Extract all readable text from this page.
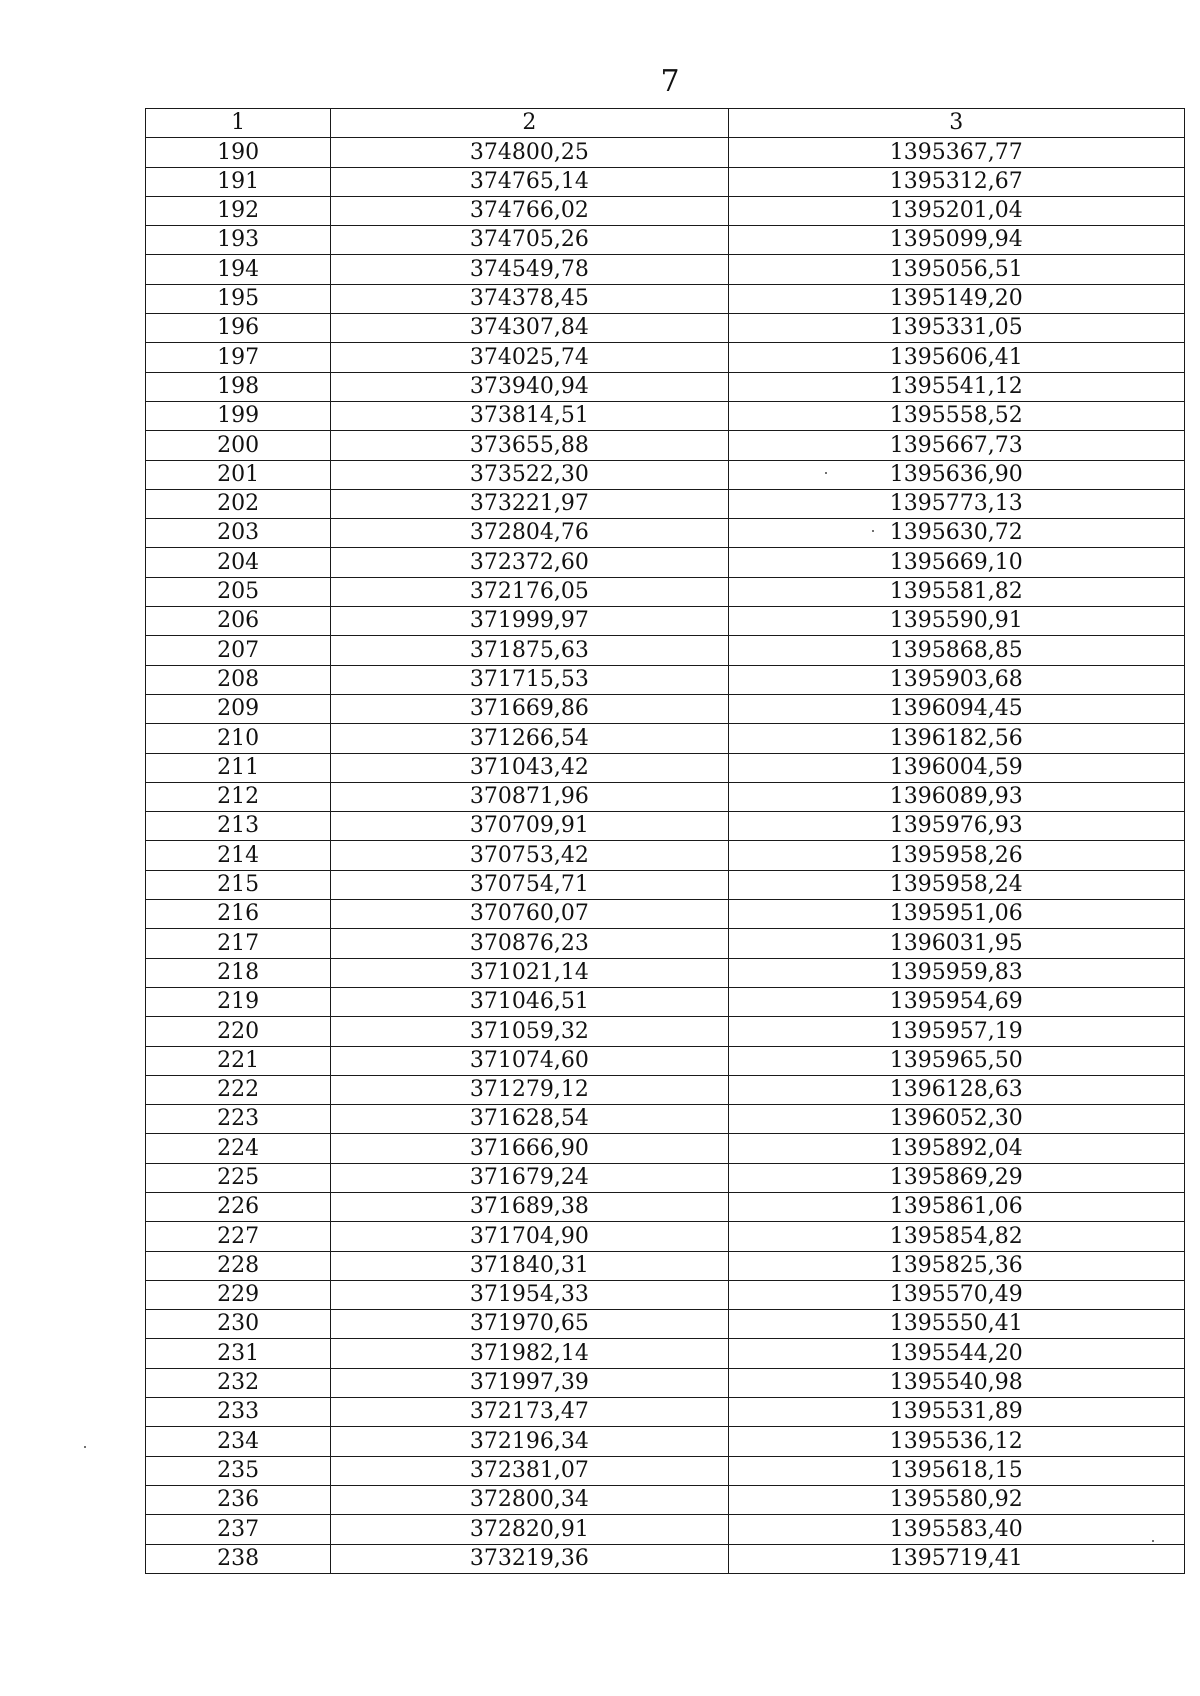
7
1	2	3
190	374800,25	1395367,77
191	374765,14	1395312,67
192	374766,02	1395201,04
193	374705,26	1395099,94
194	374549,78	1395056,51
195	374378,45	1395149,20
196	374307,84	1395331,05
197	374025,74	1395606,41
198	373940,94	1395541,12
199	373814,51	1395558,52
200	373655,88	1395667,73
201	373522,30	1395636,90
202	373221,97	1395773,13
203	372804,76	1395630,72
204	372372,60	1395669,10
205	372176,05	1395581,82
206	371999,97	1395590,91
207	371875,63	1395868,85
208	371715,53	1395903,68
209	371669,86	1396094,45
210	371266,54	1396182,56
211	371043,42	1396004,59
212	370871,96	1396089,93
213	370709,91	1395976,93
214	370753,42	1395958,26
215	370754,71	1395958,24
216	370760,07	1395951,06
217	370876,23	1396031,95
218	371021,14	1395959,83
219	371046,51	1395954,69
220	371059,32	1395957,19
221	371074,60	1395965,50
222	371279,12	1396128,63
223	371628,54	1396052,30
224	371666,90	1395892,04
225	371679,24	1395869,29
226	371689,38	1395861,06
227	371704,90	1395854,82
228	371840,31	1395825,36
229	371954,33	1395570,49
230	371970,65	1395550,41
231	371982,14	1395544,20
232	371997,39	1395540,98
233	372173,47	1395531,89
234	372196,34	1395536,12
235	372381,07	1395618,15
236	372800,34	1395580,92
237	372820,91	1395583,40
238	373219,36	1395719,41
